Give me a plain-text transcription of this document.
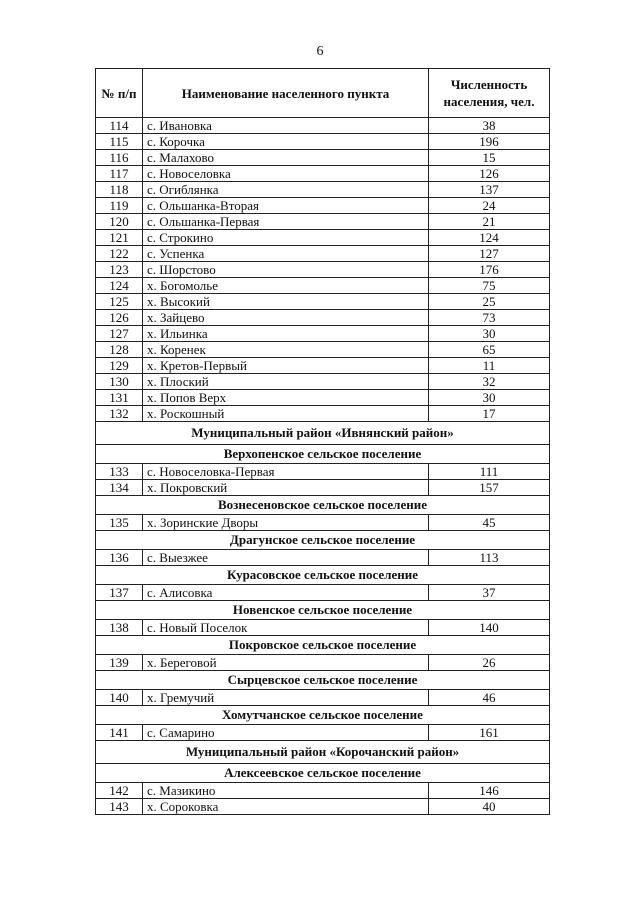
6
№ п/п	Наименование населенного пункта	Численность населения, чел.
114	с. Ивановка	38
115	с. Корочка	196
116	с. Малахово	15
117	с. Новоселовка	126
118	с. Огиблянка	137
119	с. Ольшанка-Вторая	24
120	с. Ольшанка-Первая	21
121	с. Строкино	124
122	с. Успенка	127
123	с. Шорстово	176
124	х. Богомолье	75
125	х. Высокий	25
126	х. Зайцево	73
127	х. Ильинка	30
128	х. Коренек	65
129	х. Кретов-Первый	11
130	х. Плоский	32
131	х. Попов Верх	30
132	х. Роскошный	17
Муниципальный район «Ивнянский район»		
Верхопенское сельское поселение		
133	с. Новоселовка-Первая	111
134	х. Покровский	157
Вознесеновское сельское поселение		
135	х. Зоринские Дворы	45
Драгунское сельское поселение		
136	с. Выезжее	113
Курасовское сельское поселение		
137	с. Алисовка	37
Новенское сельское поселение		
138	с. Новый Поселок	140
Покровское сельское поселение		
139	х. Береговой	26
Сырцевское сельское поселение		
140	х. Гремучий	46
Хомутчанское сельское поселение		
141	с. Самарино	161
Муниципальный район «Корочанский район»		
Алексеевское сельское поселение		
142	с. Мазикино	146
143	х. Сороковка	40
